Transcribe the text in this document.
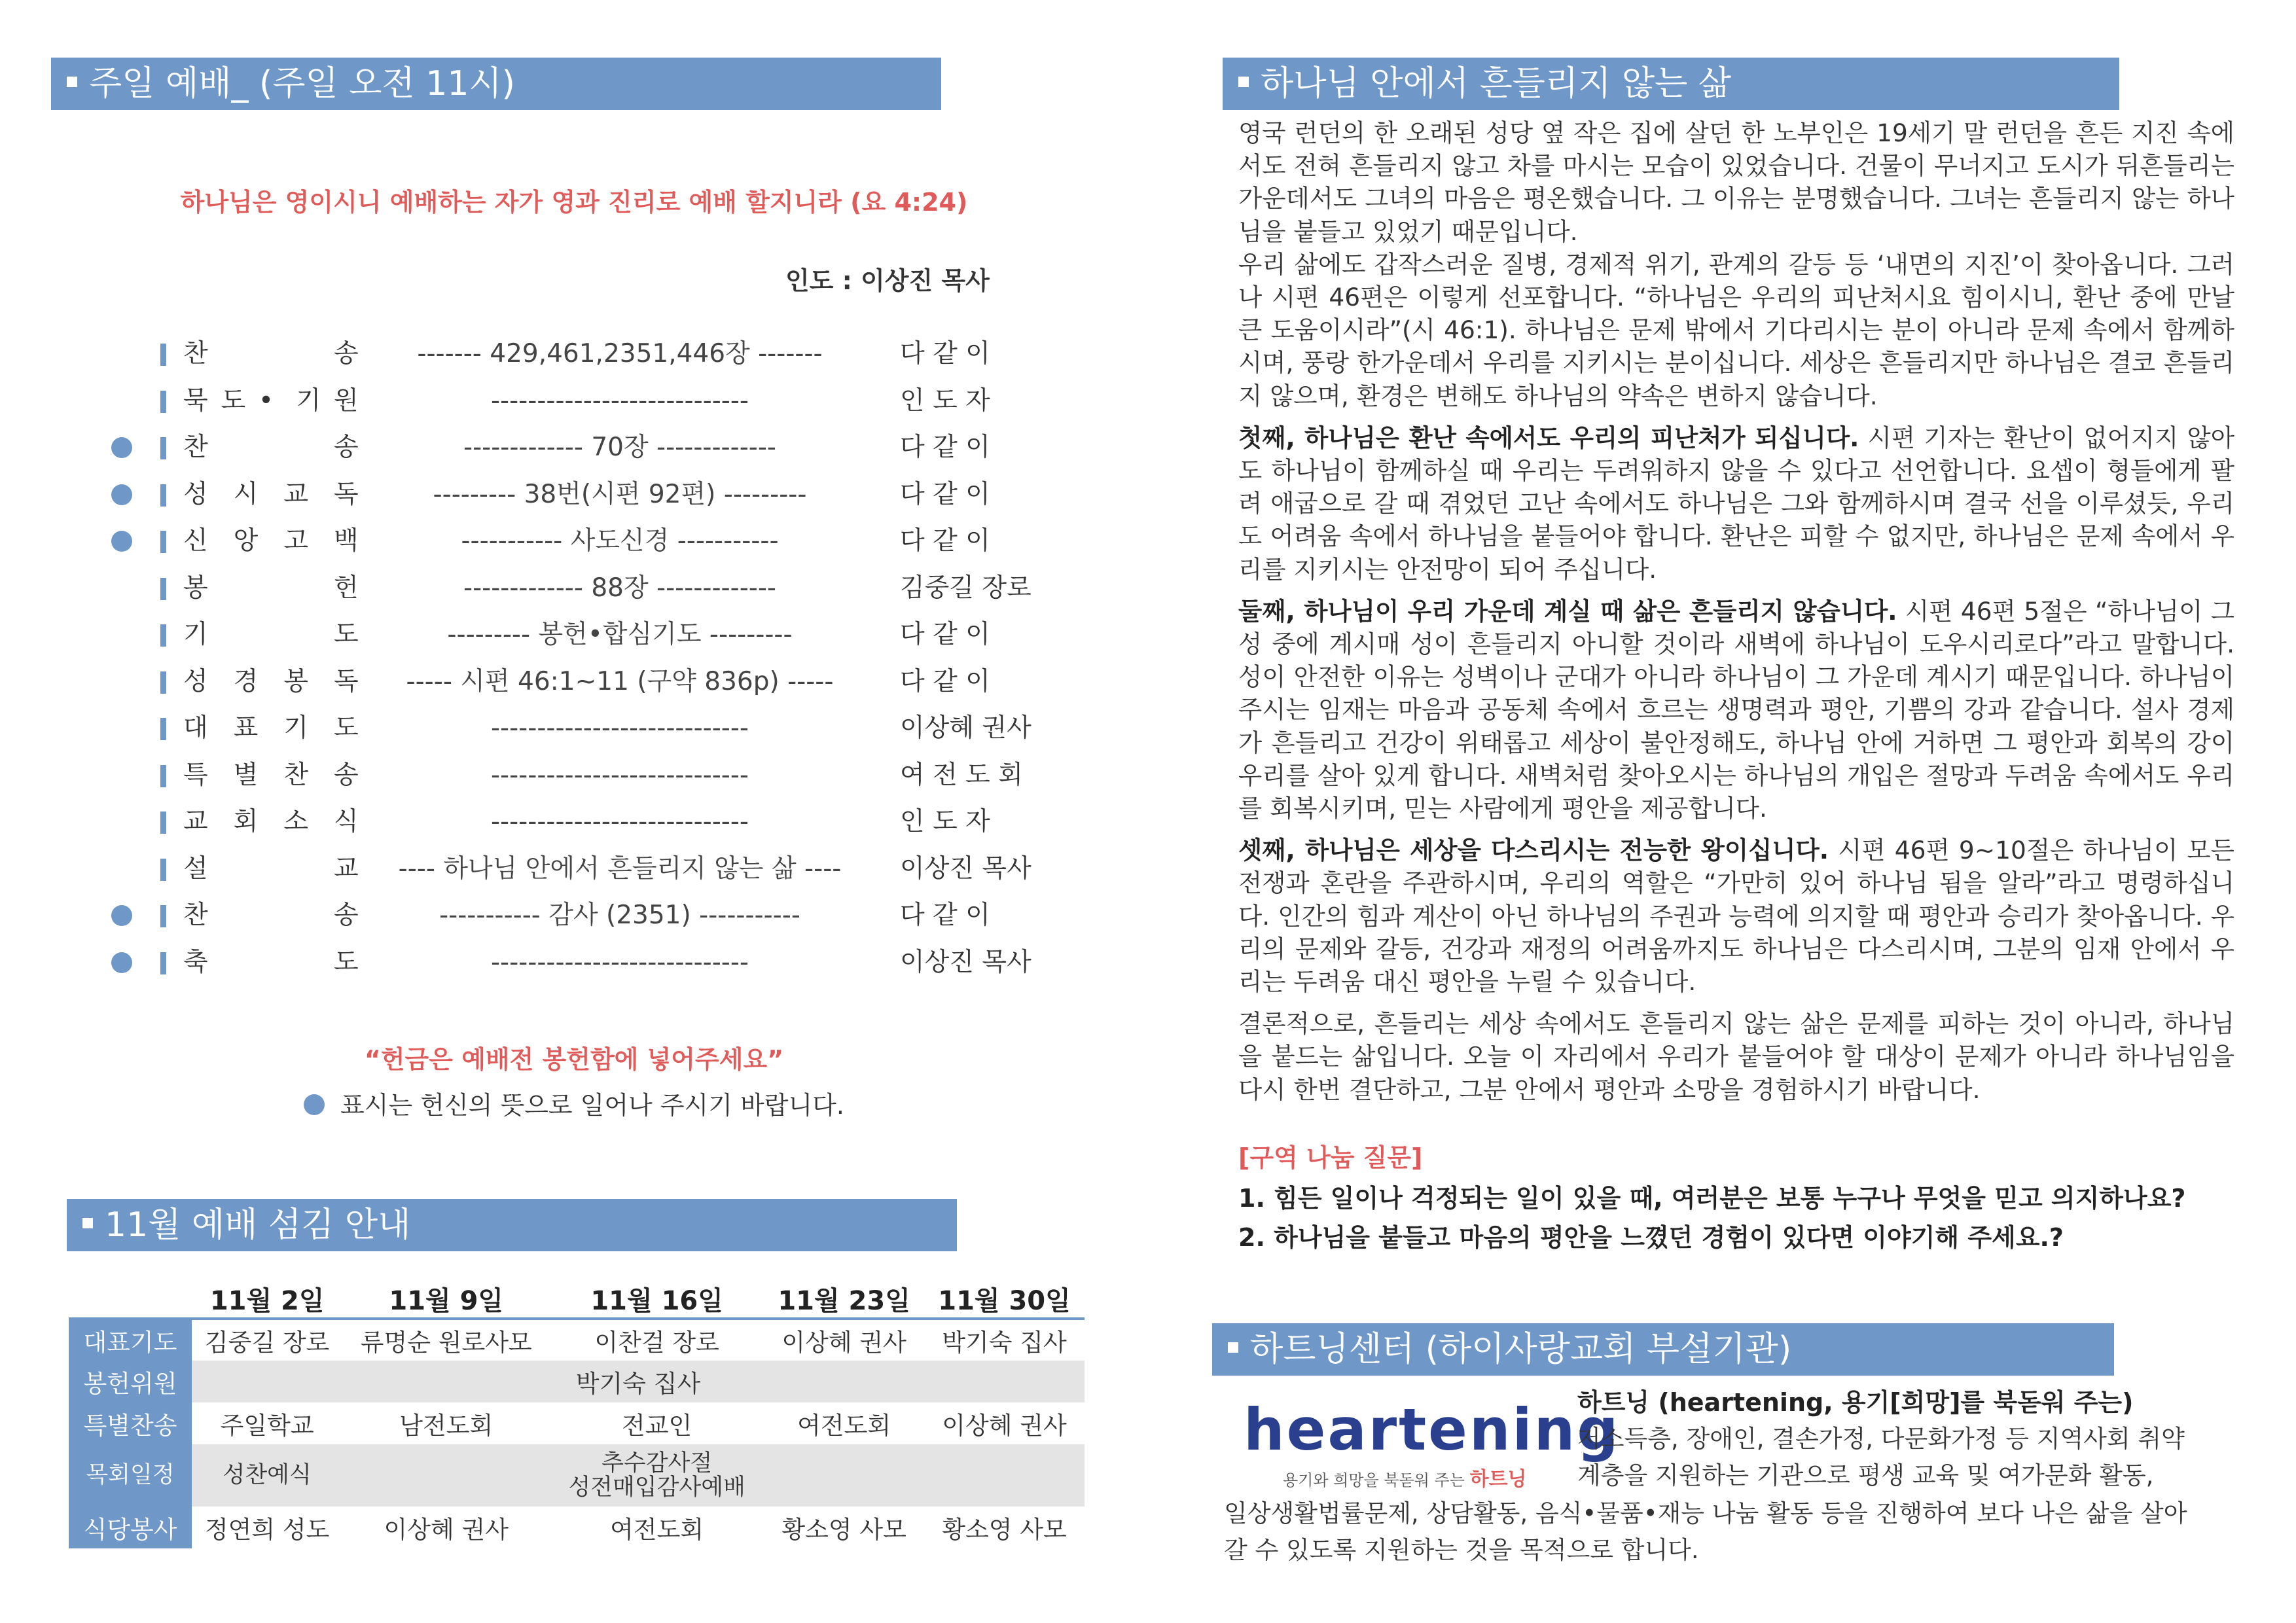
주일 예배_ (주일 오전 11시)
하나님은 영이시니 예배하는 자가 영과 진리로 예배 할지니라 (요 4:24)
인도 : 이상진 목사
찬	송	------- 429,461,2351,446장 -------	다 같 이
묵 도 • 기 원	----------------------------	인 도 자
찬	송	------------- 70장 -------------	다 같 이
성 시 교 독	--------- 38번(시편 92편) ---------	다 같 이
신 앙 고 백	----------- 사도신경 -----------	다 같 이
봉	헌	------------- 88장 -------------	김중길 장로
기	도	--------- 봉헌•합심기도 ---------	다 같 이
성 경 봉 독	----- 시편 46:1~11 (구약 836p) -----	다 같 이
대 표 기 도	----------------------------	이상혜 권사
특 별 찬 송	----------------------------	여 전 도 회
교 회 소 식	----------------------------	인 도 자
설	교	---- 하나님 안에서 흔들리지 않는 삶 ----	이상진 목사
찬	송	----------- 감사 (2351) -----------	다 같 이
축	도	----------------------------	이상진 목사
“헌금은 예배전 봉헌함에 넣어주세요”
표시는 헌신의 뜻으로 일어나 주시기 바랍니다.
11월 예배 섬김 안내
	11월 2일	11월 9일	11월 16일	11월 23일	11월 30일
대표기도	김중길 장로	류명순 원로사모	이찬걸 장로	이상혜 권사	박기숙 집사
봉헌위원	박기숙 집사				
특별찬송	주일학교	남전도회	전교인	여전도회	이상혜 권사
목회일정	성찬예식		추수감사절
성전매입감사예배		

식당봉사	정연희 성도	이상혜 권사	여전도회	황소영 사모	황소영 사모
하나님 안에서 흔들리지 않는 삶

영국 런던의 한 오래된 성당 옆 작은 집에 살던 한 노부인은 19세기 말 런던을 흔든 지진 속에서도 전혀 흔들리지 않고 차를 마시는 모습이 있었습니다. 건물이 무너지고 도시가 뒤흔들리는 가운데서도 그녀의 마음은 평온했습니다. 그 이유는 분명했습니다. 그녀는 흔들리지 않는 하나님을 붙들고 있었기 때문입니다.

우리 삶에도 갑작스러운 질병, 경제적 위기, 관계의 갈등 등 ‘내면의 지진’이 찾아옵니다. 그러나 시편 46편은 이렇게 선포합니다. “하나님은 우리의 피난처시요 힘이시니, 환난 중에 만날 큰 도움이시라”(시 46:1). 하나님은 문제 밖에서 기다리시는 분이 아니라 문제 속에서 함께하시며, 풍랑 한가운데서 우리를 지키시는 분이십니다. 세상은 흔들리지만 하나님은 결코 흔들리지 않으며, 환경은 변해도 하나님의 약속은 변하지 않습니다.

첫째, 하나님은 환난 속에서도 우리의 피난처가 되십니다. 시편 기자는 환난이 없어지지 않아도 하나님이 함께하실 때 우리는 두려워하지 않을 수 있다고 선언합니다. 요셉이 형들에게 팔려 애굽으로 갈 때 겪었던 고난 속에서도 하나님은 그와 함께하시며 결국 선을 이루셨듯, 우리도 어려움 속에서 하나님을 붙들어야 합니다. 환난은 피할 수 없지만, 하나님은 문제 속에서 우리를 지키시는 안전망이 되어 주십니다.

둘째, 하나님이 우리 가운데 계실 때 삶은 흔들리지 않습니다. 시편 46편 5절은 “하나님이 그 성 중에 계시매 성이 흔들리지 아니할 것이라 새벽에 하나님이 도우시리로다”라고 말합니다. 성이 안전한 이유는 성벽이나 군대가 아니라 하나님이 그 가운데 계시기 때문입니다. 하나님이 주시는 임재는 마음과 공동체 속에서 흐르는 생명력과 평안, 기쁨의 강과 같습니다. 설사 경제가 흔들리고 건강이 위태롭고 세상이 불안정해도, 하나님 안에 거하면 그 평안과 회복의 강이 우리를 살아 있게 합니다. 새벽처럼 찾아오시는 하나님의 개입은 절망과 두려움 속에서도 우리를 회복시키며, 믿는 사람에게 평안을 제공합니다.

셋째, 하나님은 세상을 다스리시는 전능한 왕이십니다. 시편 46편 9~10절은 하나님이 모든 전쟁과 혼란을 주관하시며, 우리의 역할은 “가만히 있어 하나님 됨을 알라”라고 명령하십니다. 인간의 힘과 계산이 아닌 하나님의 주권과 능력에 의지할 때 평안과 승리가 찾아옵니다. 우리의 문제와 갈등, 건강과 재정의 어려움까지도 하나님은 다스리시며, 그분의 임재 안에서 우리는 두려움 대신 평안을 누릴 수 있습니다.

결론적으로, 흔들리는 세상 속에서도 흔들리지 않는 삶은 문제를 피하는 것이 아니라, 하나님을 붙드는 삶입니다. 오늘 이 자리에서 우리가 붙들어야 할 대상이 문제가 아니라 하나님임을 다시 한번 결단하고, 그분 안에서 평안과 소망을 경험하시기 바랍니다.

[구역 나눔 질문]
1. 힘든 일이나 걱정되는 일이 있을 때, 여러분은 보통 누구나 무엇을 믿고 의지하나요?
2. 하나님을 붙들고 마음의 평안을 느꼈던 경험이 있다면 이야기해 주세요.?
하트닝센터 (하이사랑교회 부설기관)
heartening
용기와 희망을 북돋워 주는 하트닝
하트닝 (heartening, 용기[희망]를 북돋워 주는)
저소득층, 장애인, 결손가정, 다문화가정 등 지역사회 취약
계층을 지원하는 기관으로 평생 교육 및 여가문화 활동,
일상생활법률문제, 상담활동, 음식•물품•재능 나눔 활동 등을 진행하여 보다 나은 삶을 살아
갈 수 있도록 지원하는 것을 목적으로 합니다.
